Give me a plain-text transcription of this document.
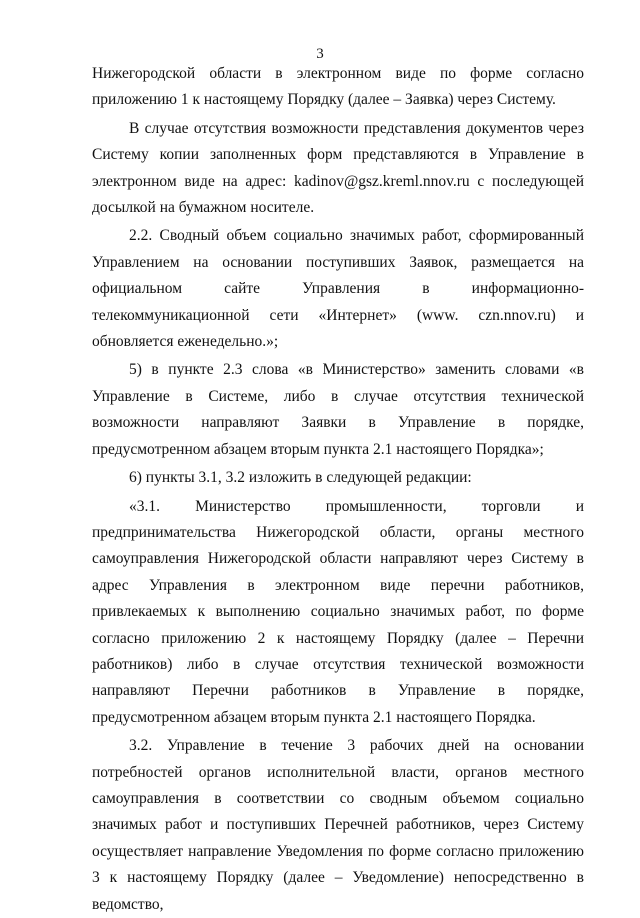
3

Нижегородской области в электронном виде по форме согласно приложению 1 к настоящему Порядку (далее – Заявка) через Систему.

В случае отсутствия возможности представления документов через Систему копии заполненных форм представляются в Управление в электронном виде на адрес: kadinov@gsz.kreml.nnov.ru с последующей досылкой на бумажном носителе.

2.2. Сводный объем социально значимых работ, сформированный Управлением на основании поступивших Заявок, размещается на официальном сайте Управления в информационно-телекоммуникационной сети «Интернет» (www. czn.nnov.ru) и обновляется еженедельно.»;

5) в пункте 2.3 слова «в Министерство» заменить словами «в Управление в Системе, либо в случае отсутствия технической возможности направляют Заявки в Управление в порядке, предусмотренном абзацем вторым пункта 2.1 настоящего Порядка»;

6) пункты 3.1, 3.2 изложить в следующей редакции:

«3.1. Министерство промышленности, торговли и предпринимательства Нижегородской области, органы местного самоуправления Нижегородской области направляют через Систему в адрес Управления в электронном виде перечни работников, привлекаемых к выполнению социально значимых работ, по форме согласно приложению 2 к настоящему Порядку (далее – Перечни работников) либо в случае отсутствия технической возможности направляют Перечни работников в Управление в порядке, предусмотренном абзацем вторым пункта 2.1 настоящего Порядка.

3.2. Управление в течение 3 рабочих дней на основании потребностей органов исполнительной власти, органов местного самоуправления в соответствии со сводным объемом социально значимых работ и поступивших Перечней работников, через Систему осуществляет направление Уведомления по форме согласно приложению 3 к настоящему Порядку (далее – Уведомление) непосредственно в ведомство,
